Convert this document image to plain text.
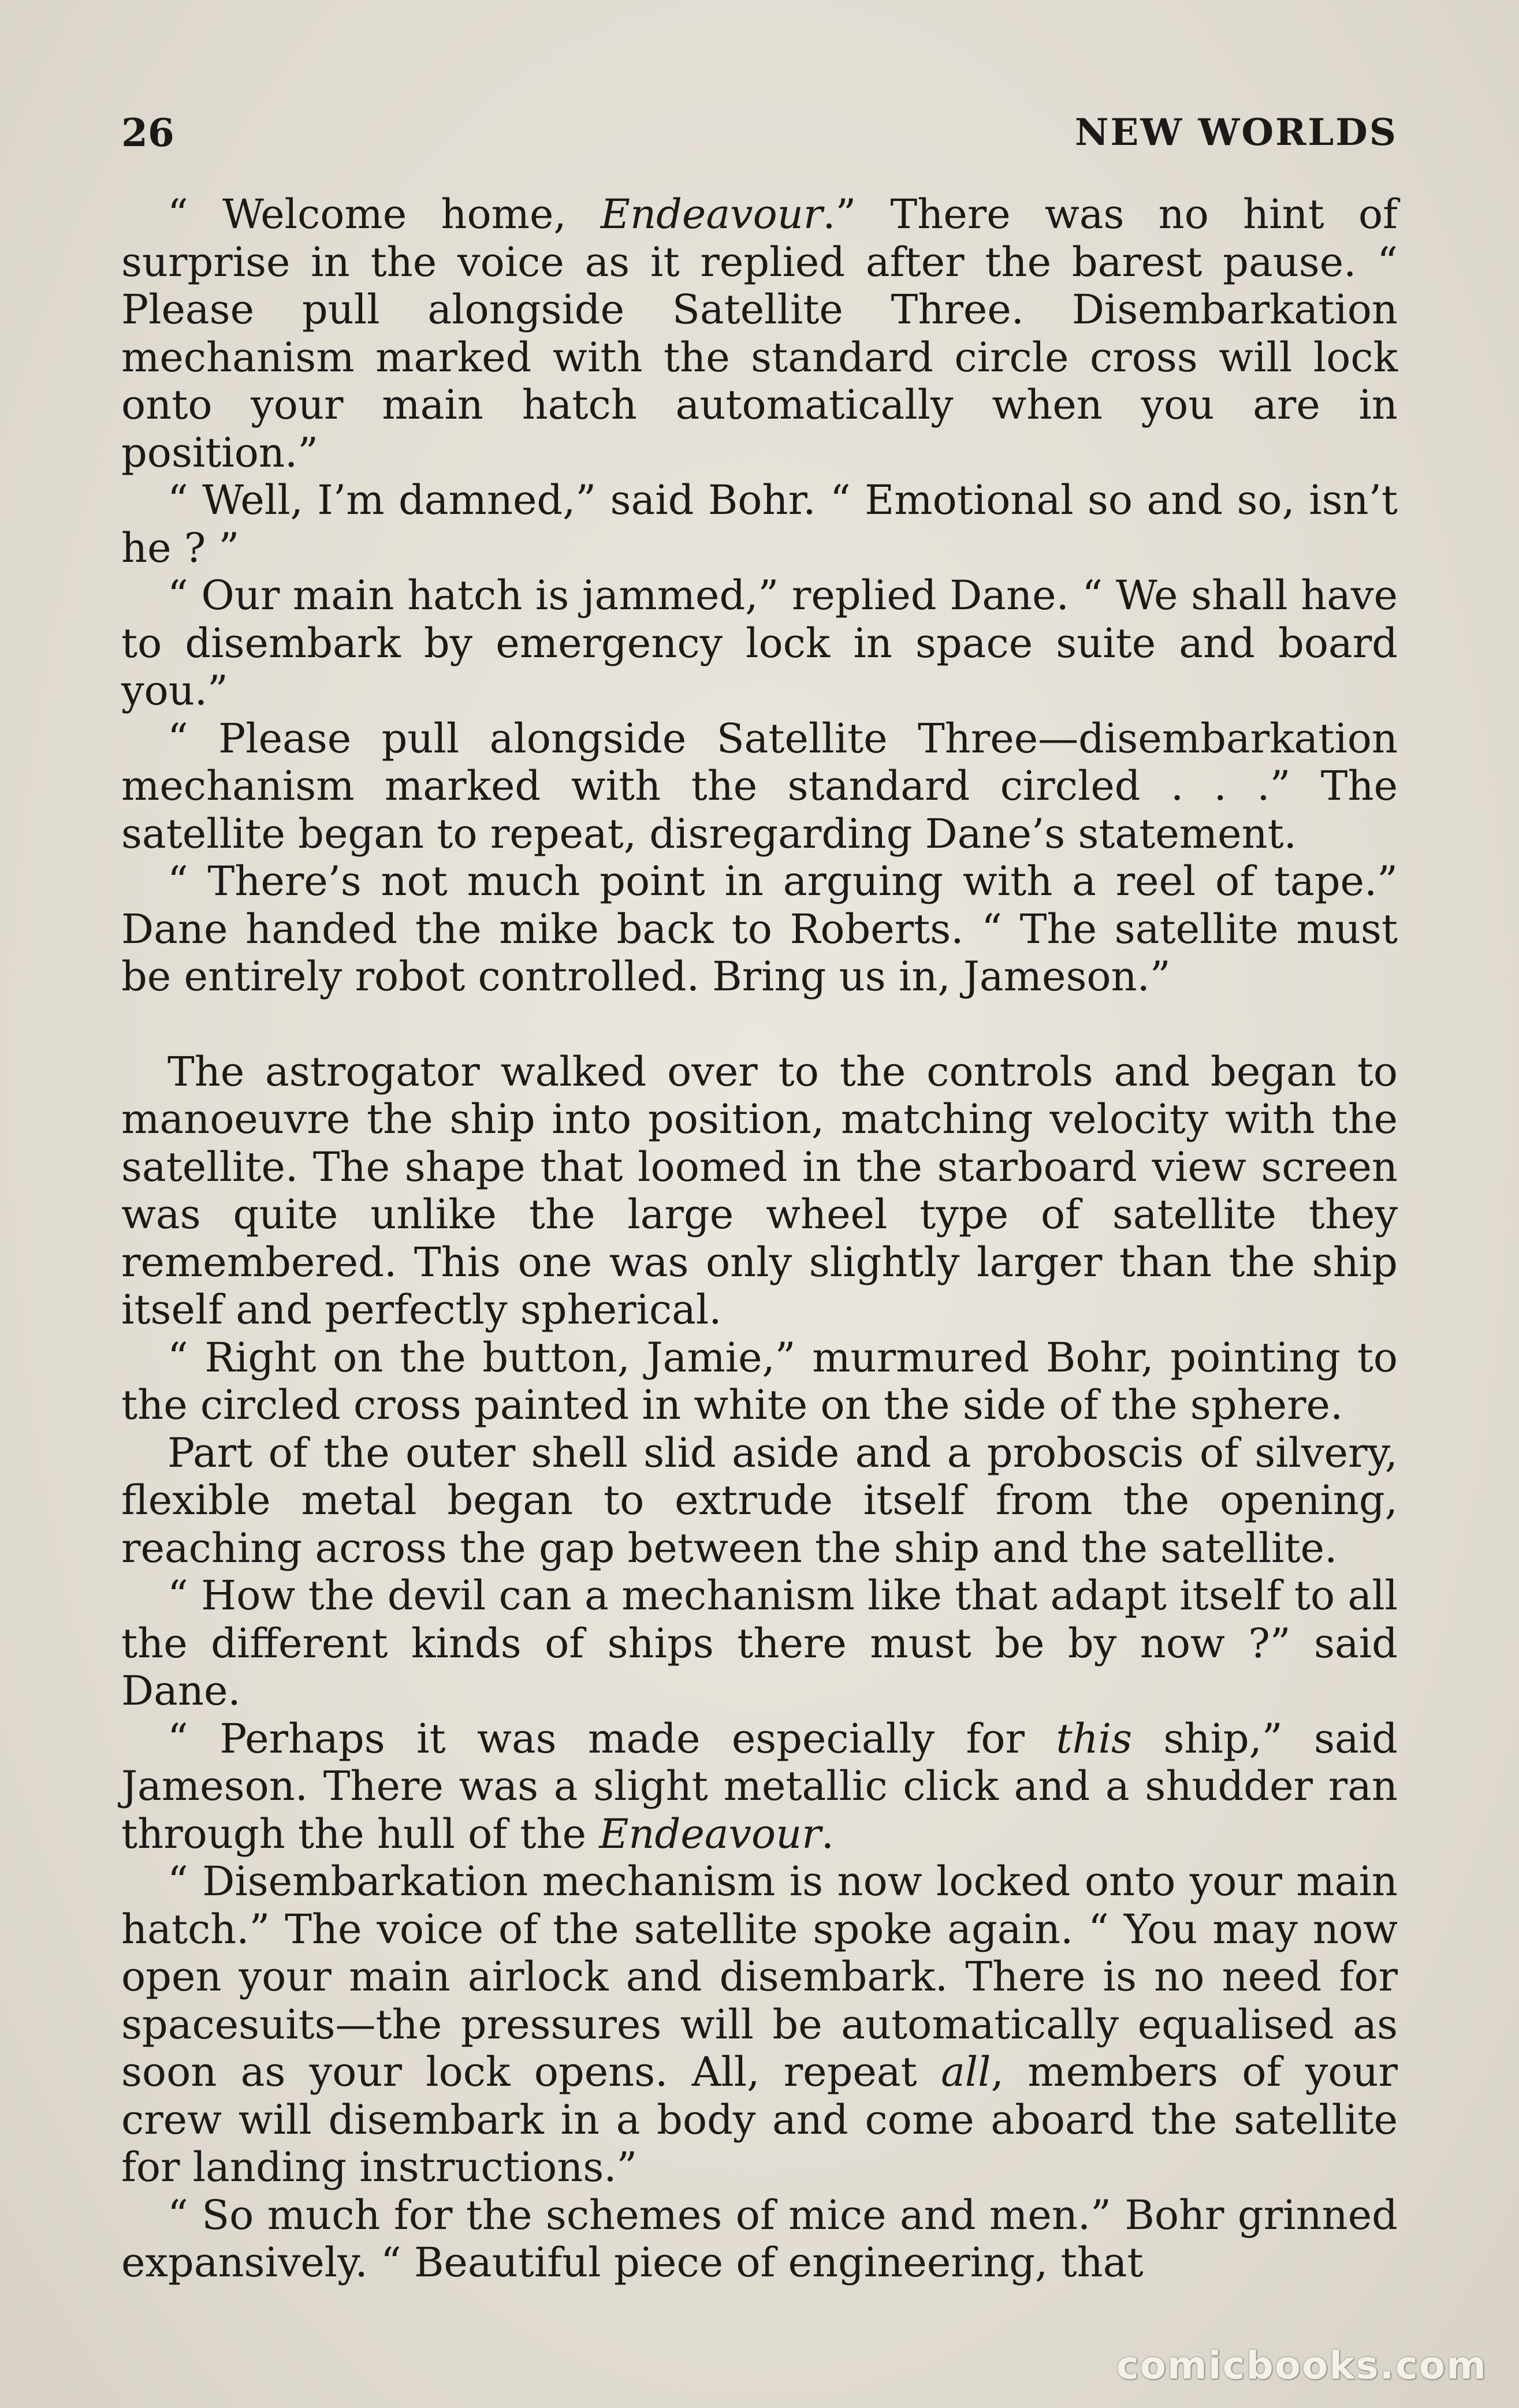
26	NEW WORLDS

“ Welcome home, Endeavour.” There was no hint of surprise in the voice as it replied after the barest pause. “ Please pull alongside Satellite Three. Disembarkation mechanism marked with the standard circle cross will lock onto your main hatch automatically when you are in position.”

“ Well, I’m damned,” said Bohr. “ Emotional so and so, isn’t he ? ”

“ Our main hatch is jammed,” replied Dane. “ We shall have to disembark by emergency lock in space suite and board you.”

“ Please pull alongside Satellite Three—disembarkation mechanism marked with the standard circled . . .” The satellite began to repeat, disregarding Dane’s statement.

“ There’s not much point in arguing with a reel of tape.” Dane handed the mike back to Roberts. “ The satellite must be entirely robot controlled. Bring us in, Jameson.”

The astrogator walked over to the controls and began to manoeuvre the ship into position, matching velocity with the satellite. The shape that loomed in the starboard view screen was quite unlike the large wheel type of satellite they remembered. This one was only slightly larger than the ship itself and perfectly spherical.

“ Right on the button, Jamie,” murmured Bohr, pointing to the circled cross painted in white on the side of the sphere.

Part of the outer shell slid aside and a proboscis of silvery, flexible metal began to extrude itself from the opening, reaching across the gap between the ship and the satellite.

“ How the devil can a mechanism like that adapt itself to all the different kinds of ships there must be by now ?” said Dane.

“ Perhaps it was made especially for this ship,” said Jameson. There was a slight metallic click and a shudder ran through the hull of the Endeavour.

“ Disembarkation mechanism is now locked onto your main hatch.” The voice of the satellite spoke again. “ You may now open your main airlock and disembark. There is no need for spacesuits—the pressures will be automatically equalised as soon as your lock opens. All, repeat all, members of your crew will disembark in a body and come aboard the satellite for landing instructions.”

“ So much for the schemes of mice and men.” Bohr grinned expansively. “ Beautiful piece of engineering, that

comicbooks.com
